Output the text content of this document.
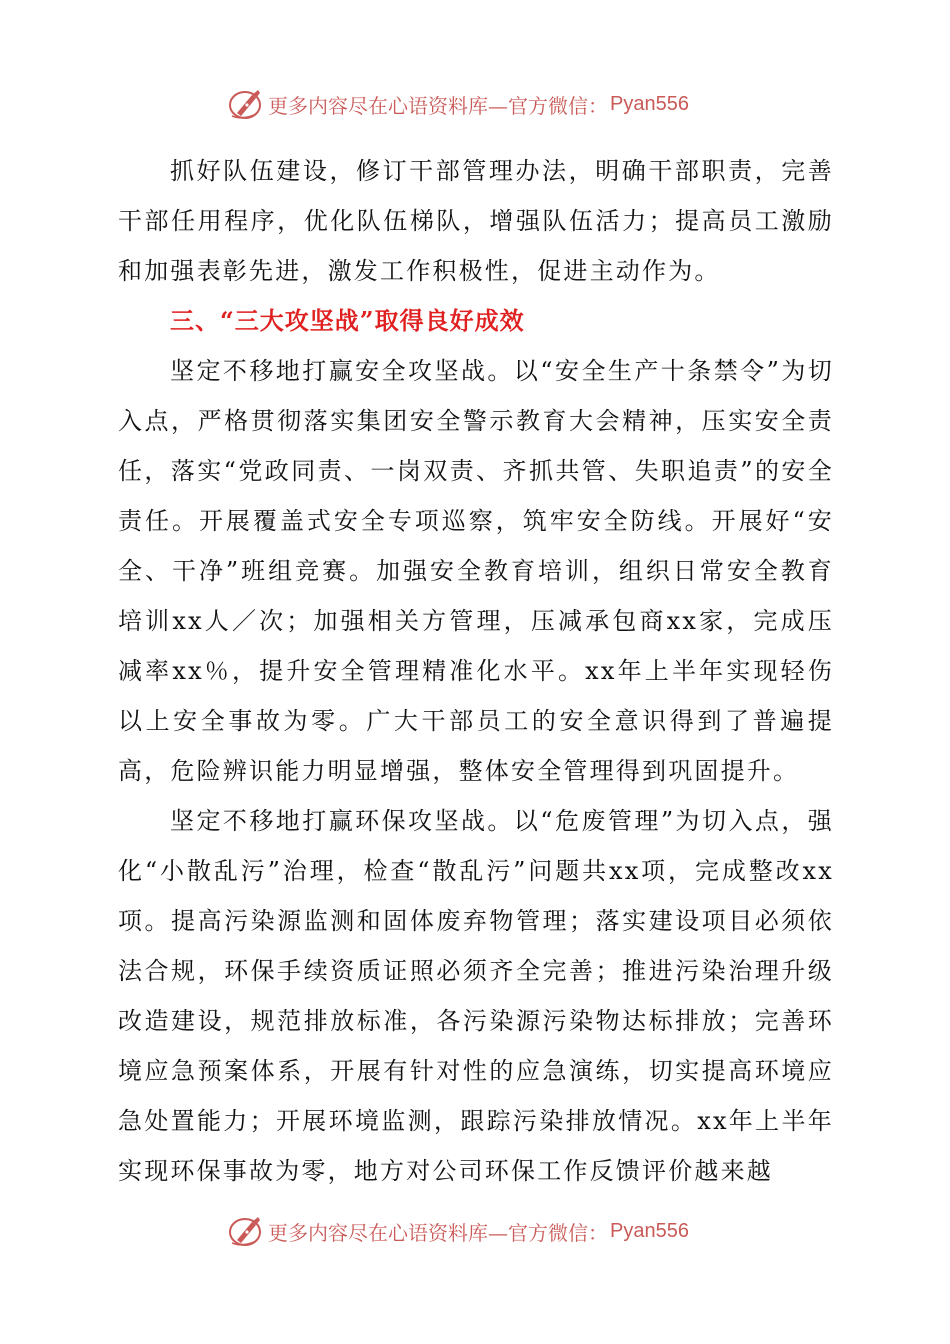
更多内容尽在心语资料库—官方微信： Pyan556

抓好队伍建设，修订干部管理办法，明确干部职责，完善干部任用程序，优化队伍梯队，增强队伍活力；提高员工激励和加强表彰先进，激发工作积极性，促进主动作为。

三、“三大攻坚战”取得良好成效

坚定不移地打赢安全攻坚战。以“安全生产十条禁令”为切入点，严格贯彻落实集团安全警示教育大会精神，压实安全责任，落实“党政同责、一岗双责、齐抓共管、失职追责”的安全责任。开展覆盖式安全专项巡察，筑牢安全防线。开展好“安全、干净”班组竞赛。加强安全教育培训，组织日常安全教育培训xx人／次；加强相关方管理，压减承包商xx家，完成压减率xx％，提升安全管理精准化水平。xx年上半年实现轻伤以上安全事故为零。广大干部员工的安全意识得到了普遍提高，危险辨识能力明显增强，整体安全管理得到巩固提升。

坚定不移地打赢环保攻坚战。以“危废管理”为切入点，强化“小散乱污”治理，检查“散乱污”问题共xx项，完成整改xx项。提高污染源监测和固体废弃物管理；落实建设项目必须依法合规，环保手续资质证照必须齐全完善；推进污染治理升级改造建设，规范排放标准，各污染源污染物达标排放；完善环境应急预案体系，开展有针对性的应急演练，切实提高环境应急处置能力；开展环境监测，跟踪污染排放情况。xx年上半年实现环保事故为零，地方对公司环保工作反馈评价越来越

更多内容尽在心语资料库—官方微信： Pyan556
